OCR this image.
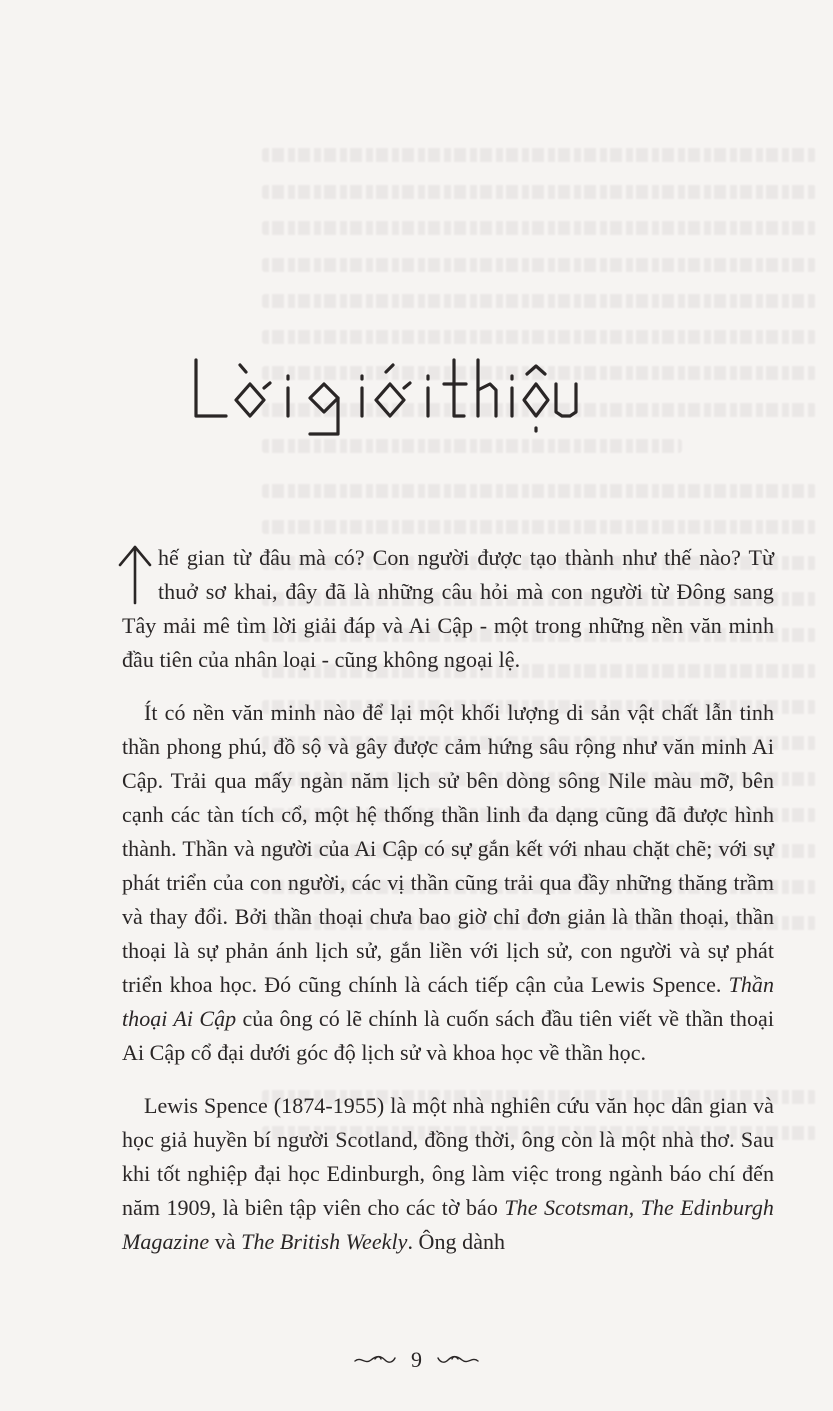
hế gian từ đâu mà có? Con người được tạo thành như thế nào? Từ thuở sơ khai, đây đã là những câu hỏi mà con người từ Đông sang Tây mải mê tìm lời giải đáp và Ai Cập - một trong những nền văn minh đầu tiên của nhân loại - cũng không ngoại lệ.

Ít có nền văn minh nào để lại một khối lượng di sản vật chất lẫn tinh thần phong phú, đồ sộ và gây được cảm hứng sâu rộng như văn minh Ai Cập. Trải qua mấy ngàn năm lịch sử bên dòng sông Nile màu mỡ, bên cạnh các tàn tích cổ, một hệ thống thần linh đa dạng cũng đã được hình thành. Thần và người của Ai Cập có sự gắn kết với nhau chặt chẽ; với sự phát triển của con người, các vị thần cũng trải qua đầy những thăng trầm và thay đổi. Bởi thần thoại chưa bao giờ chỉ đơn giản là thần thoại, thần thoại là sự phản ánh lịch sử, gắn liền với lịch sử, con người và sự phát triển khoa học. Đó cũng chính là cách tiếp cận của Lewis Spence. Thần thoại Ai Cập của ông có lẽ chính là cuốn sách đầu tiên viết về thần thoại Ai Cập cổ đại dưới góc độ lịch sử và khoa học về thần học.

Lewis Spence (1874-1955) là một nhà nghiên cứu văn học dân gian và học giả huyền bí người Scotland, đồng thời, ông còn là một nhà thơ. Sau khi tốt nghiệp đại học Edinburgh, ông làm việc trong ngành báo chí đến năm 1909, là biên tập viên cho các tờ báo The Scotsman, The Edinburgh Magazine và The British Weekly. Ông dành

9
